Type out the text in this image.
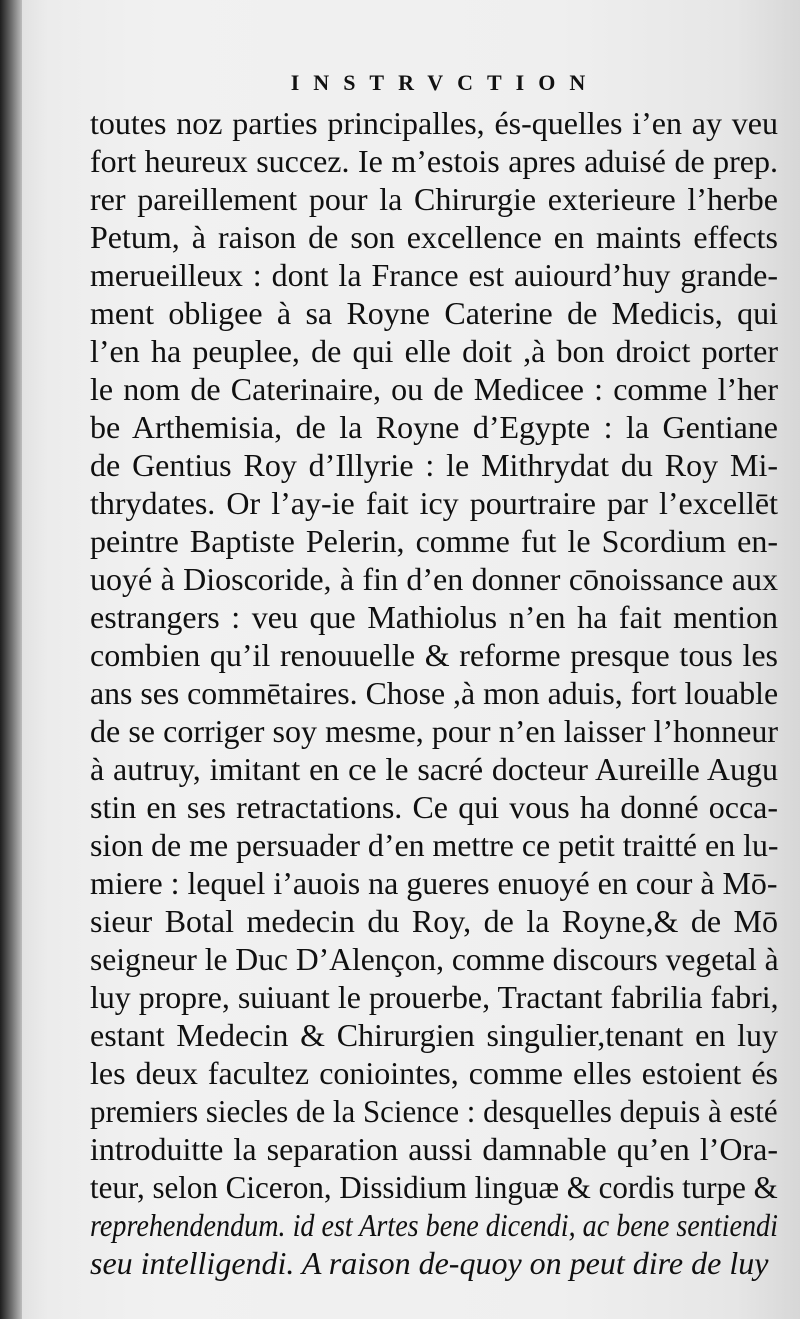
INSTRVCTION
toutes noz parties principalles, és-quelles i’en ay veu
fort heureux succez. Ie m’estois apres aduisé de prep.
rer pareillement pour la Chirurgie exterieure l’herbe
Petum, à raison de son excellence en maints effects
merueilleux : dont la France est auiourd’huy grande-
ment obligee à sa Royne Caterine de Medicis, qui
l’en ha peuplee, de qui elle doit ,à bon droict porter
le nom de Caterinaire, ou de Medicee : comme l’her
be Arthemisia, de la Royne d’Egypte : la Gentiane
de Gentius Roy d’Illyrie : le Mithrydat du Roy Mi-
thrydates. Or l’ay-ie fait icy pourtraire par l’excellēt
peintre Baptiste Pelerin, comme fut le Scordium en-
uoyé à Dioscoride, à fin d’en donner cōnoissance aux
estrangers : veu que Mathiolus n’en ha fait mention
combien qu’il renouuelle & reforme presque tous les
ans ses commētaires. Chose ,à mon aduis, fort louable
de se corriger soy mesme, pour n’en laisser l’honneur
à autruy, imitant en ce le sacré docteur Aureille Augu
stin en ses retractations. Ce qui vous ha donné occa-
sion de me persuader d’en mettre ce petit traitté en lu-
miere : lequel i’auois na gueres enuoyé en cour à Mō-
sieur Botal medecin du Roy, de la Royne,& de Mō
seigneur le Duc D’Alençon, comme discours vegetal à
luy propre, suiuant le prouerbe, Tractant fabrilia fabri,
estant Medecin & Chirurgien singulier,tenant en luy
les deux facultez coniointes, comme elles estoient és
premiers siecles de la Science : desquelles depuis à esté
introduitte la separation aussi damnable qu’en l’Ora-
teur, selon Ciceron, Dissidium linguæ & cordis turpe &
reprehendendum. id est Artes bene dicendi, ac bene sentiendi
seu intelligendi. A raison de-quoy on peut dire de luy
